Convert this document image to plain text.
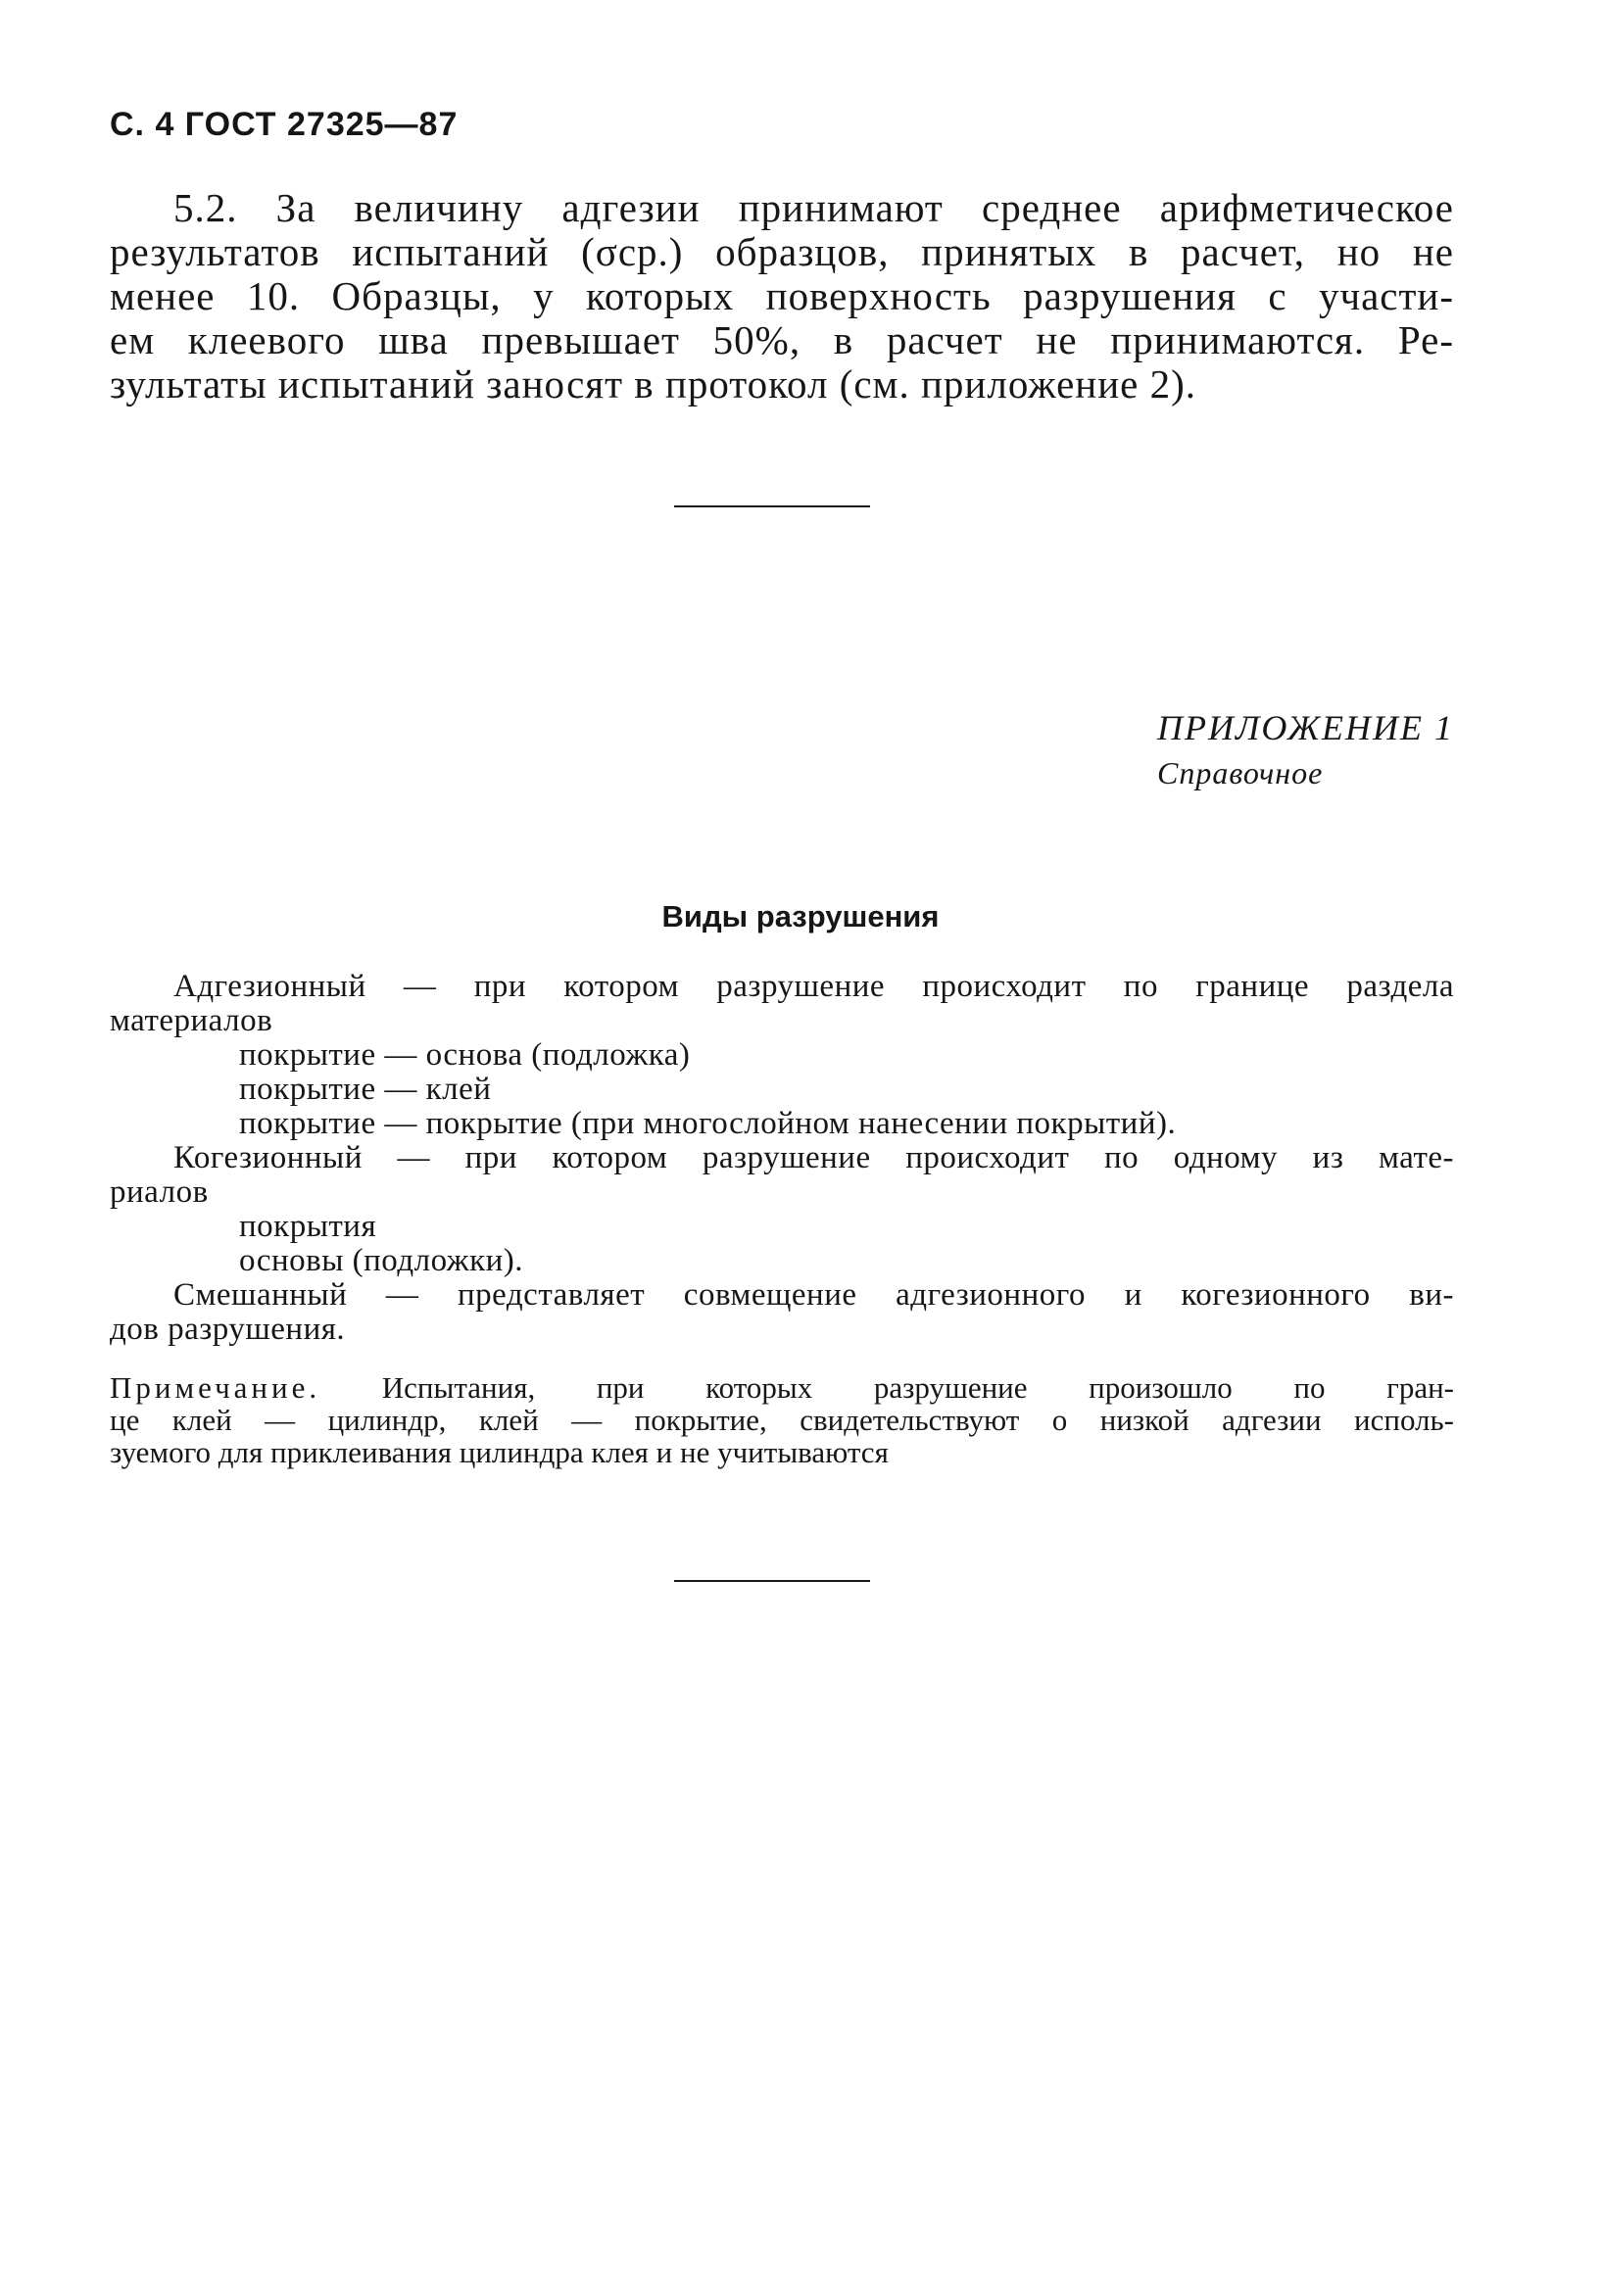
С. 4 ГОСТ 27325—87
5.2. За величину адгезии принимают среднее арифметическое
результатов испытаний (σср.) образцов, принятых в расчет, но не
менее 10. Образцы, у которых поверхность разрушения с участи-
ем клеевого шва превышает 50%, в расчет не принимаются. Ре-
зультаты испытаний заносят в протокол (см. приложение 2).
ПРИЛОЖЕНИЕ 1
Справочное
Виды разрушения
Адгезионный — при котором разрушение происходит по границе раздела
материалов
покрытие — основа (подложка)
покрытие — клей
покрытие — покрытие (при многослойном нанесении покрытий).
Когезионный — при котором разрушение происходит по одному из мате-
риалов
покрытия
основы (подложки).
Смешанный — представляет совмещение адгезионного и когезионного ви-
дов разрушения.
Примечание. Испытания, при которых разрушение произошло по гран-
це клей — цилиндр, клей — покрытие, свидетельствуют о низкой адгезии исполь-
зуемого для приклеивания цилиндра клея и не учитываются
